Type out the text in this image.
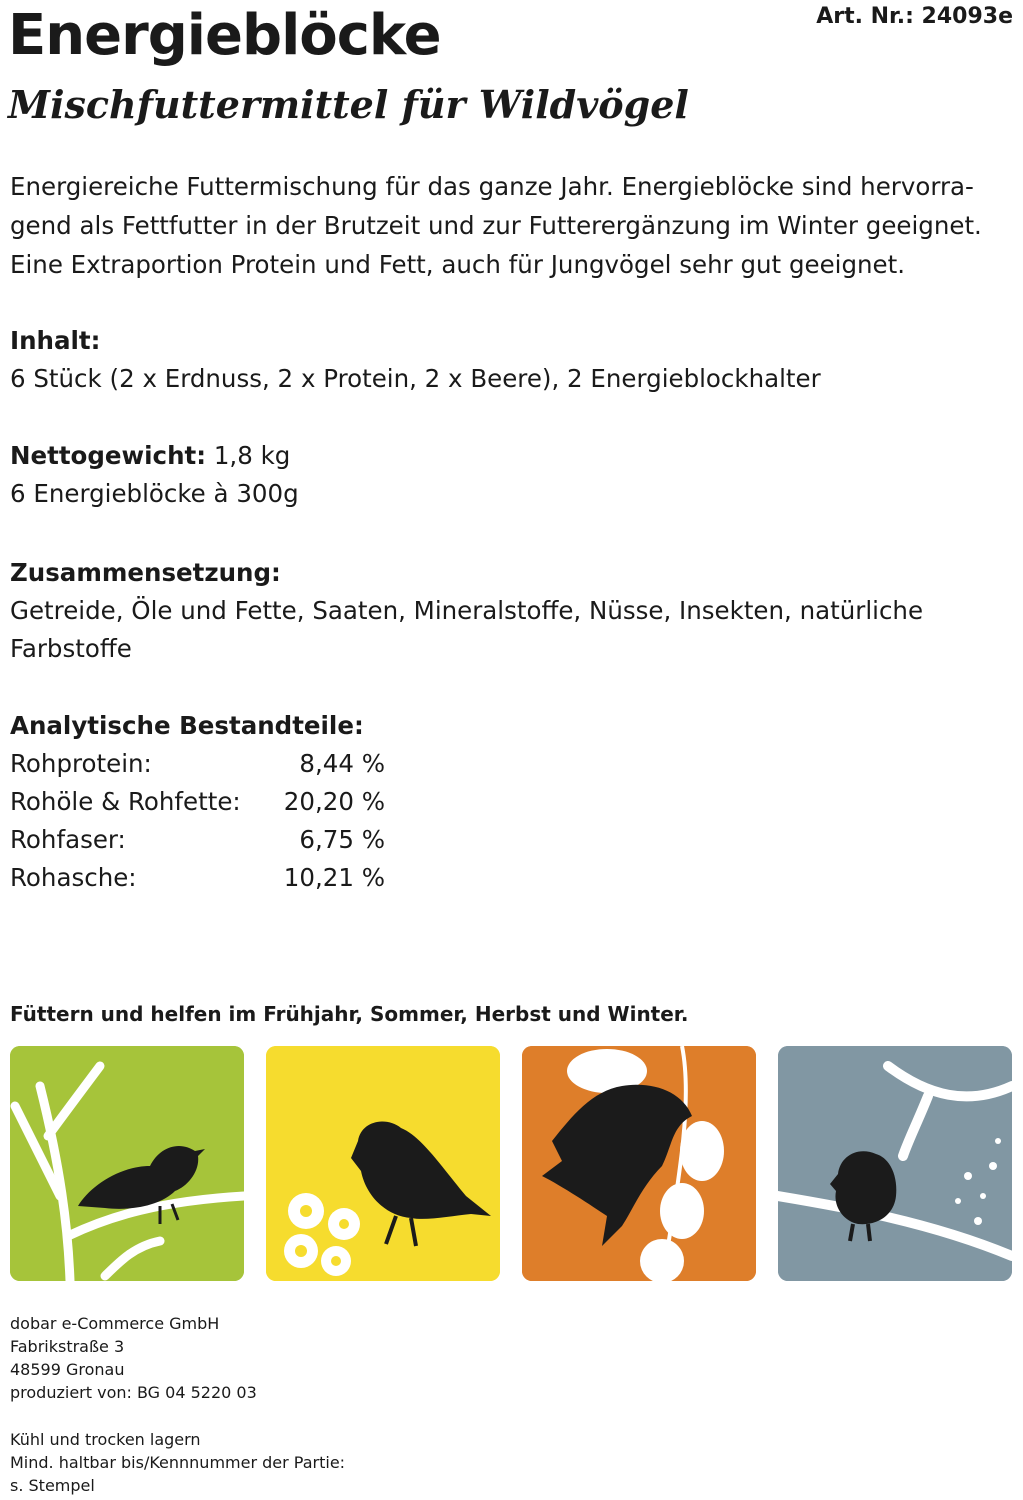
Energieblöcke	Art. Nr.: 24093e
Mischfuttermittel für Wildvögel
Energiereiche Futtermischung für das ganze Jahr. Energieblöcke sind hervorra-
gend als Fettfutter in der Brutzeit und zur Futterergänzung im Winter geeignet.
Eine Extraportion Protein und Fett, auch für Jungvögel sehr gut geeignet.
Inhalt:
6 Stück (2 x Erdnuss, 2 x Protein, 2 x Beere), 2 Energieblockhalter
Nettogewicht: 1,8 kg
6 Energieblöcke à 300g
Zusammensetzung:
Getreide, Öle und Fette, Saaten, Mineralstoffe, Nüsse, Insekten, natürliche
Farbstoffe
Analytische Bestandteile:
Rohprotein:	8,44 %
Rohöle & Rohfette:	20,20 %
Rohfaser:	6,75 %
Rohasche:	10,21 %
Füttern und helfen im Frühjahr, Sommer, Herbst und Winter.
dobar e-Commerce GmbH
Fabrikstraße 3
48599 Gronau
produziert von: BG 04 5220 03
Kühl und trocken lagern
Mind. haltbar bis/Kennnummer der Partie:
s. Stempel
